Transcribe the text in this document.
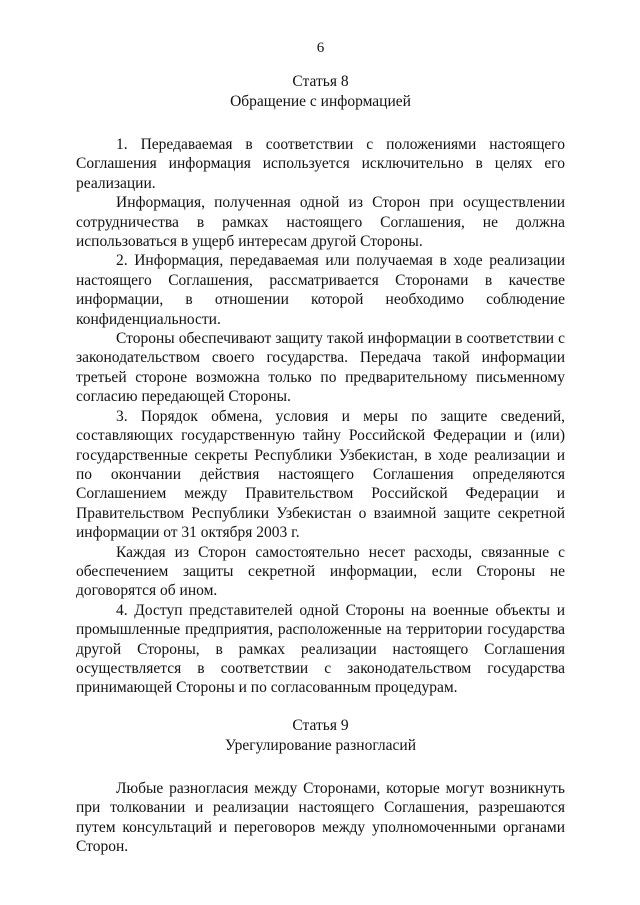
6
Статья 8
Обращение с информацией

1. Передаваемая в соответствии с положениями настоящего Соглашения информация используется исключительно в целях его реализации.

Информация, полученная одной из Сторон при осуществлении сотрудничества в рамках настоящего Соглашения, не должна использоваться в ущерб интересам другой Стороны.

2. Информация, передаваемая или получаемая в ходе реализации настоящего Соглашения, рассматривается Сторонами в качестве информации, в отношении которой необходимо соблюдение конфиденциальности.

Стороны обеспечивают защиту такой информации в соответствии с законодательством своего государства. Передача такой информации третьей стороне возможна только по предварительному письменному согласию передающей Стороны.

3. Порядок обмена, условия и меры по защите сведений, составляющих государственную тайну Российской Федерации и (или) государственные секреты Республики Узбекистан, в ходе реализации и по окончании действия настоящего Соглашения определяются Соглашением между Правительством Российской Федерации и Правительством Республики Узбекистан о взаимной защите секретной информации от 31 октября 2003 г.

Каждая из Сторон самостоятельно несет расходы, связанные с обеспечением защиты секретной информации, если Стороны не договорятся об ином.

4. Доступ представителей одной Стороны на военные объекты и промышленные предприятия, расположенные на территории государства другой Стороны, в рамках реализации настоящего Соглашения осуществляется в соответствии с законодательством государства принимающей Стороны и по согласованным процедурам.

Статья 9
Урегулирование разногласий

Любые разногласия между Сторонами, которые могут возникнуть при толковании и реализации настоящего Соглашения, разрешаются путем консультаций и переговоров между уполномоченными органами Сторон.
